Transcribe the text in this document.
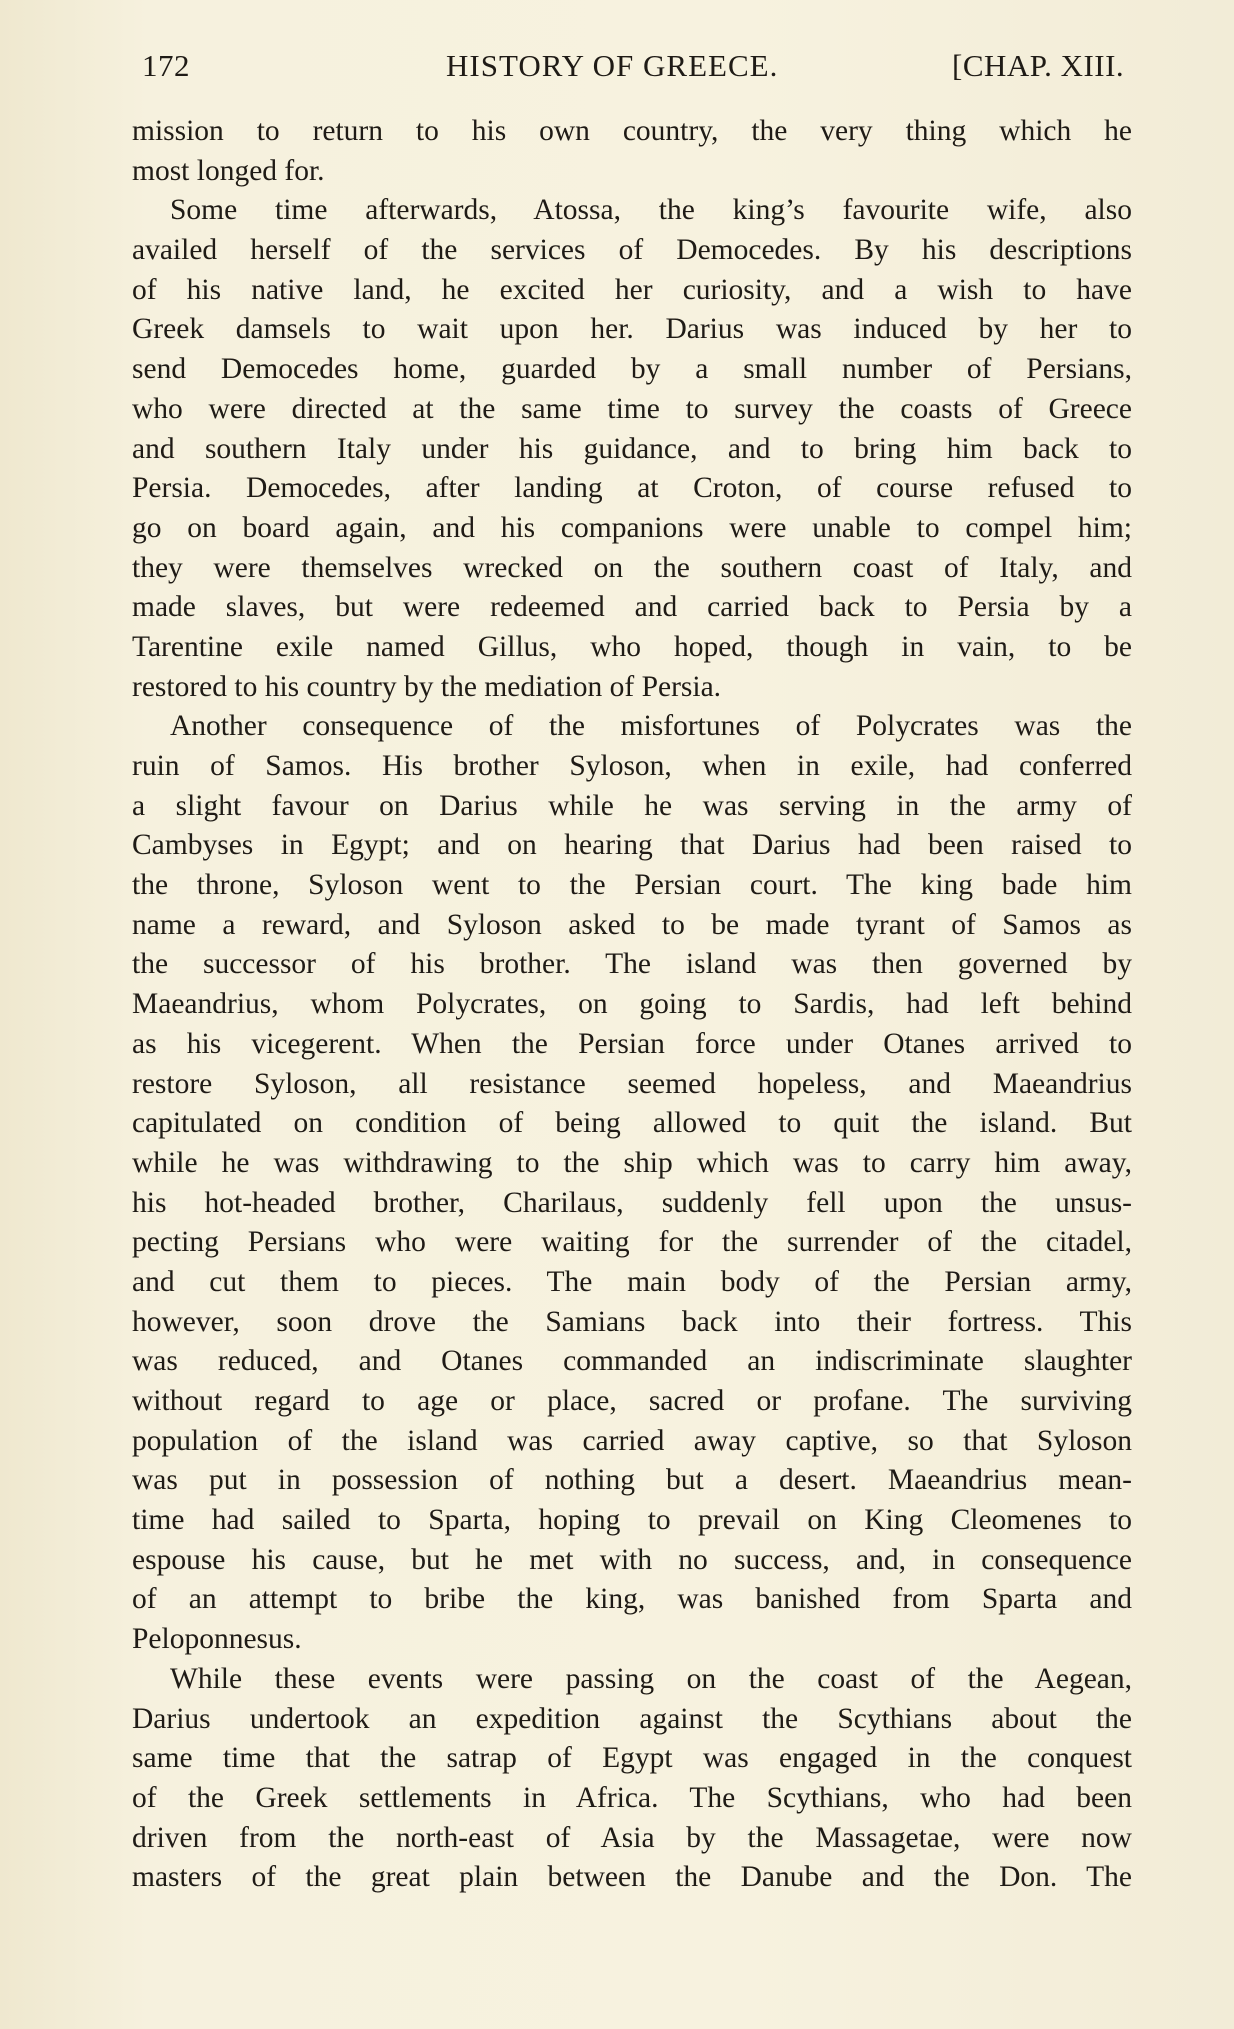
172	HISTORY OF GREECE.	[CHAP. XIII.
mission to return to his own country, the very thing which he
most longed for.
Some time afterwards, Atossa, the king’s favourite wife, also
availed herself of the services of Democedes. By his descriptions
of his native land, he excited her curiosity, and a wish to have
Greek damsels to wait upon her. Darius was induced by her to
send Democedes home, guarded by a small number of Persians,
who were directed at the same time to survey the coasts of Greece
and southern Italy under his guidance, and to bring him back to
Persia. Democedes, after landing at Croton, of course refused to
go on board again, and his companions were unable to compel him;
they were themselves wrecked on the southern coast of Italy, and
made slaves, but were redeemed and carried back to Persia by a
Tarentine exile named Gillus, who hoped, though in vain, to be
restored to his country by the mediation of Persia.
Another consequence of the misfortunes of Polycrates was the
ruin of Samos. His brother Syloson, when in exile, had conferred
a slight favour on Darius while he was serving in the army of
Cambyses in Egypt; and on hearing that Darius had been raised to
the throne, Syloson went to the Persian court. The king bade him
name a reward, and Syloson asked to be made tyrant of Samos as
the successor of his brother. The island was then governed by
Maeandrius, whom Polycrates, on going to Sardis, had left behind
as his vicegerent. When the Persian force under Otanes arrived to
restore Syloson, all resistance seemed hopeless, and Maeandrius
capitulated on condition of being allowed to quit the island. But
while he was withdrawing to the ship which was to carry him away,
his hot-headed brother, Charilaus, suddenly fell upon the unsus-
pecting Persians who were waiting for the surrender of the citadel,
and cut them to pieces. The main body of the Persian army,
however, soon drove the Samians back into their fortress. This
was reduced, and Otanes commanded an indiscriminate slaughter
without regard to age or place, sacred or profane. The surviving
population of the island was carried away captive, so that Syloson
was put in possession of nothing but a desert. Maeandrius mean-
time had sailed to Sparta, hoping to prevail on King Cleomenes to
espouse his cause, but he met with no success, and, in consequence
of an attempt to bribe the king, was banished from Sparta and
Peloponnesus.
While these events were passing on the coast of the Aegean,
Darius undertook an expedition against the Scythians about the
same time that the satrap of Egypt was engaged in the conquest
of the Greek settlements in Africa. The Scythians, who had been
driven from the north-east of Asia by the Massagetae, were now
masters of the great plain between the Danube and the Don. The
